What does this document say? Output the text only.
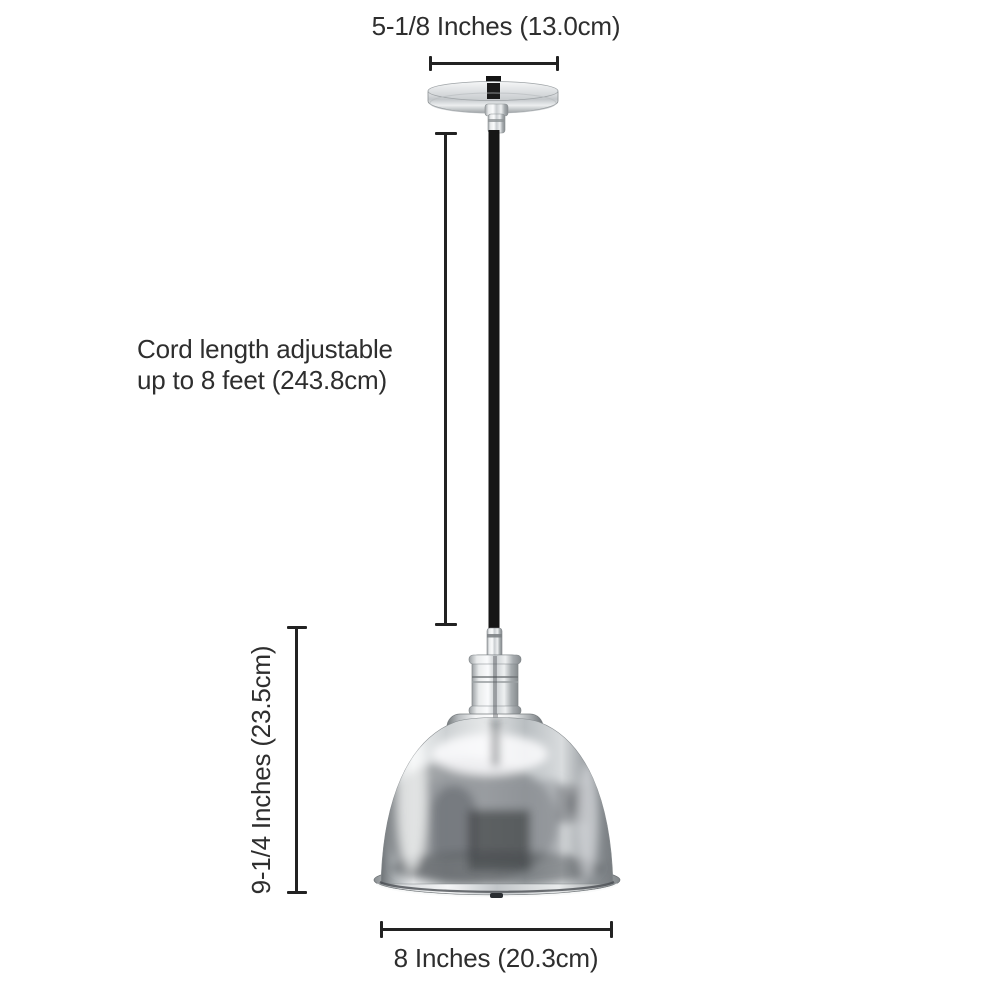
5-1/8 Inches (13.0cm)
Cord length adjustable
up to 8 feet (243.8cm)
9-1/4 Inches (23.5cm)
8 Inches (20.3cm)
